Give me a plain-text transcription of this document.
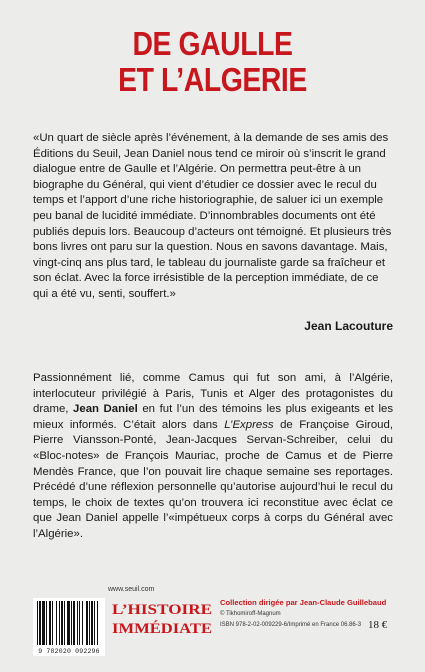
DE GAULLE
ET L’ALGERIE

«Un quart de siècle après l’événement, à la demande de ses amis des Éditions du Seuil, Jean Daniel nous tend ce miroir où s’inscrit le grand dialogue entre de Gaulle et l’Algérie. On permettra peut-être à un biographe du Général, qui vient d’étudier ce dossier avec le recul du temps et l’apport d’une riche historiographie, de saluer ici un exemple peu banal de lucidité immédiate. D’innombrables documents ont été publiés depuis lors. Beaucoup d’acteurs ont témoigné. Et plusieurs très bons livres ont paru sur la question. Nous en savons davantage. Mais, vingt-cinq ans plus tard, le tableau du journaliste garde sa fraîcheur et son éclat. Avec la force irrésistible de la perception immédiate, de ce qui a été vu, senti, souffert.»

Jean Lacouture

Passionnément lié, comme Camus qui fut son ami, à l’Algérie, interlocuteur privilégié à Paris, Tunis et Alger des protagonistes du drame, Jean Daniel en fut l’un des témoins les plus exigeants et les mieux informés. C’était alors dans L’Express de Françoise Giroud, Pierre Viansson-Ponté, Jean-Jacques Servan-Schreiber, celui du «Bloc-notes» de François Mauriac, proche de Camus et de Pierre Mendès France, que l’on pouvait lire chaque semaine ses reportages. Précédé d’une réflexion personnelle qu’autorise aujourd’hui le recul du temps, le choix de textes qu’on trouvera ici reconstitue avec éclat ce que Jean Daniel appelle l’«impétueux corps à corps du Général avec l’Algérie».

www.seuil.com
9 782020 092296
L’HISTOIRE
IMMÉDIATE
Collection dirigée par Jean-Claude Guillebaud
© Tikhomiroff-Magnum
ISBN 978-2-02-009229-6/Imprimé en France 06.86-3 18 €
